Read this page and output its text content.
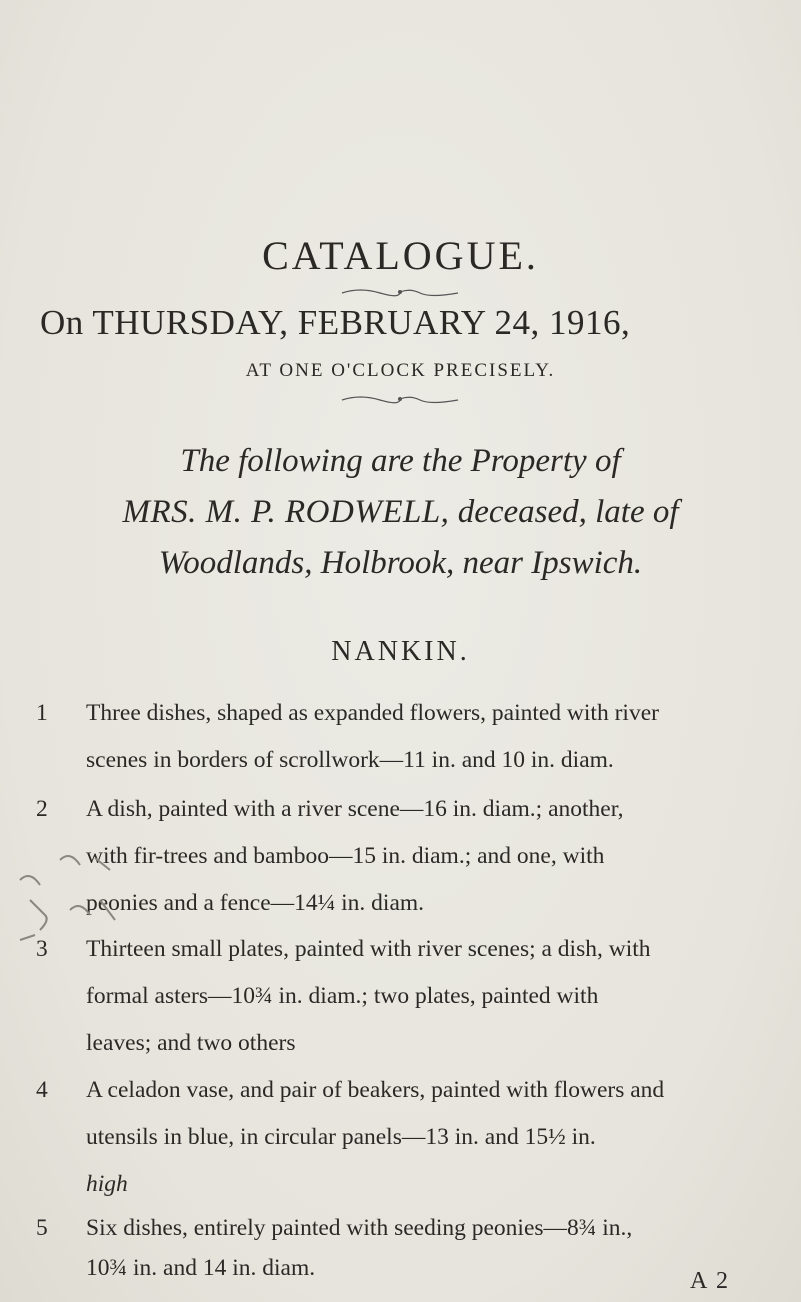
CATALOGUE.
On THURSDAY, FEBRUARY 24, 1916,
AT ONE O'CLOCK PRECISELY.
The following are the Property of
MRS. M. P. RODWELL, deceased, late of
Woodlands, Holbrook, near Ipswich.
NANKIN.
1	Three dishes, shaped as expanded flowers, painted with river
scenes in borders of scrollwork—11 in. and 10 in. diam.
2	A dish, painted with a river scene—16 in. diam.; another,
with fir-trees and bamboo—15 in. diam.; and one, with
peonies and a fence—14¼ in. diam.
3	Thirteen small plates, painted with river scenes; a dish, with
formal asters—10¾ in. diam.; two plates, painted with
leaves; and two others
4	A celadon vase, and pair of beakers, painted with flowers and
utensils in blue, in circular panels—13 in. and 15½ in.
high
5	Six dishes, entirely painted with seeding peonies—8¾ in.,
10¾ in. and 14 in. diam.	A 2
